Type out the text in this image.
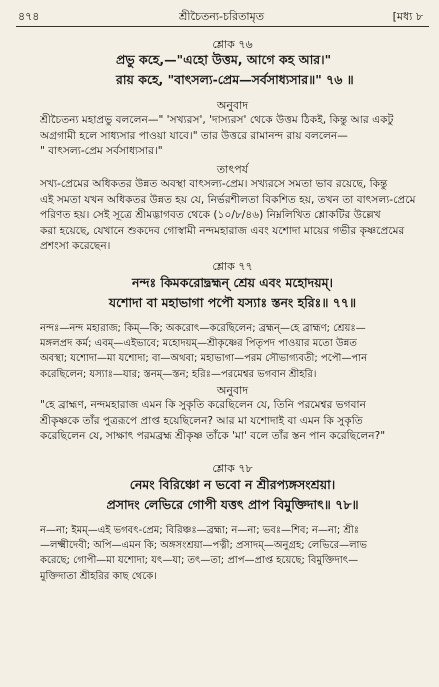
৪৭৪	শ্রীচৈতন্য-চরিতামৃত	[মধ্য ৮
শ্লোক ৭৬
প্রভু কহে,—"এহো উত্তম, আগে কহ আর।"
রায় কহে, "বাৎসল্য-প্রেম—সর্বসাধ্যসার॥" ৭৬ ॥
অনুবাদ
শ্রীচৈতন্য মহাপ্রভু বললেন—" 'সখ্যরস', 'দাস্যরস' থেকে উত্তম ঠিকই, কিন্তু আর একটু
অগ্রগামী হলে সাধ্যসার পাওয়া যাবে।" তার উত্তরে রামানন্দ রায় বললেন—
" বাৎসল্য-প্রেম সর্বসাধ্যসার।"
তাৎপর্য
সখ্য-প্রেমের অধিকতর উন্নত অবস্থা বাৎসল্য-প্রেম। সখ্যরসে সমতা ভাব রয়েছে, কিন্তু
এই সমতা যখন অধিকতর উন্নত হয় যে, নির্ভরশীলতা বিকশিত হয়, তখন তা বাৎসল্য-প্রেমে
পরিণত হয়। সেই সূত্রে শ্রীমদ্ভাগবত থেকে (১০/৮/৪৬) নিম্নলিখিত শ্লোকটির উল্লেখ
করা হয়েছে, যেখানে শুকদেব গোস্বামী নন্দমহারাজ এবং যশোদা মায়ের গভীর কৃষ্ণপ্রেমের
প্রশংসা করেছেন।
শ্লোক ৭৭
নন্দঃ কিমকরোদ্ব্রহ্মন্ শ্রেয় এবং মহোদয়ম্।
যশোদা বা মহাভাগা পপৌ যস্যাঃ স্তনং হরিঃ॥ ৭৭॥
নন্দঃ—নন্দ মহারাজ; কিম্—কি; অকরোৎ—করেছিলেন; ব্রহ্মন্—হে ব্রাহ্মণ; শ্রেয়ঃ—
মঙ্গলপ্রদ কর্ম; এবম্—এইভাবে; মহোদয়ম্—শ্রীকৃষ্ণের পিতৃপদ পাওয়ার মতো উন্নত
অবস্থা; যশোদা—মা যশোদা; বা—অথবা; মহাভাগা—পরম সৌভাগ্যবতী; পপৌ—পান
করেছিলেন; যস্যাঃ—যার; স্তনম্—স্তন; হরিঃ—পরমেশ্বর ভগবান শ্রীহরি।
অনুবাদ
"হে ব্রাহ্মণ, নন্দমহারাজ এমন কি সুকৃতি করেছিলেন যে, তিনি পরমেশ্বর ভগবান
শ্রীকৃষ্ণকে তাঁর পুত্ররূপে প্রাপ্ত হয়েছিলেন? আর মা যশোদাই বা এমন কি সুকৃতি
করেছিলেন যে, সাক্ষাৎ পরমব্রহ্ম শ্রীকৃষ্ণ তাঁকে 'মা' বলে তাঁর স্তন পান করেছিলেন?"
শ্লোক ৭৮
নেমং বিরিঞ্চো ন ভবো ন শ্রীরপ্যঙ্গসংশ্রয়া।
প্রসাদং লেভিরে গোপী যত্তৎ প্রাপ বিমুক্তিদাৎ॥ ৭৮॥
ন—না; ইমম্—এই ভগবৎ-প্রেম; বিরিঞ্চঃ—ব্রহ্মা; ন—না; ভবঃ—শিব; ন—না; শ্রীঃ
—লক্ষ্মীদেবী; অপি—এমন কি; অঙ্গসংশ্রয়া—পত্নী; প্রসাদম্—অনুগ্রহ; লেভিরে—লাভ
করেছে; গোপী—মা যশোদা; যৎ—যা; তৎ—তা; প্রাপ—প্রাপ্ত হয়েছে; বিমুক্তিদাৎ—
মুক্তিদাতা শ্রীহরির কাছ থেকে।
